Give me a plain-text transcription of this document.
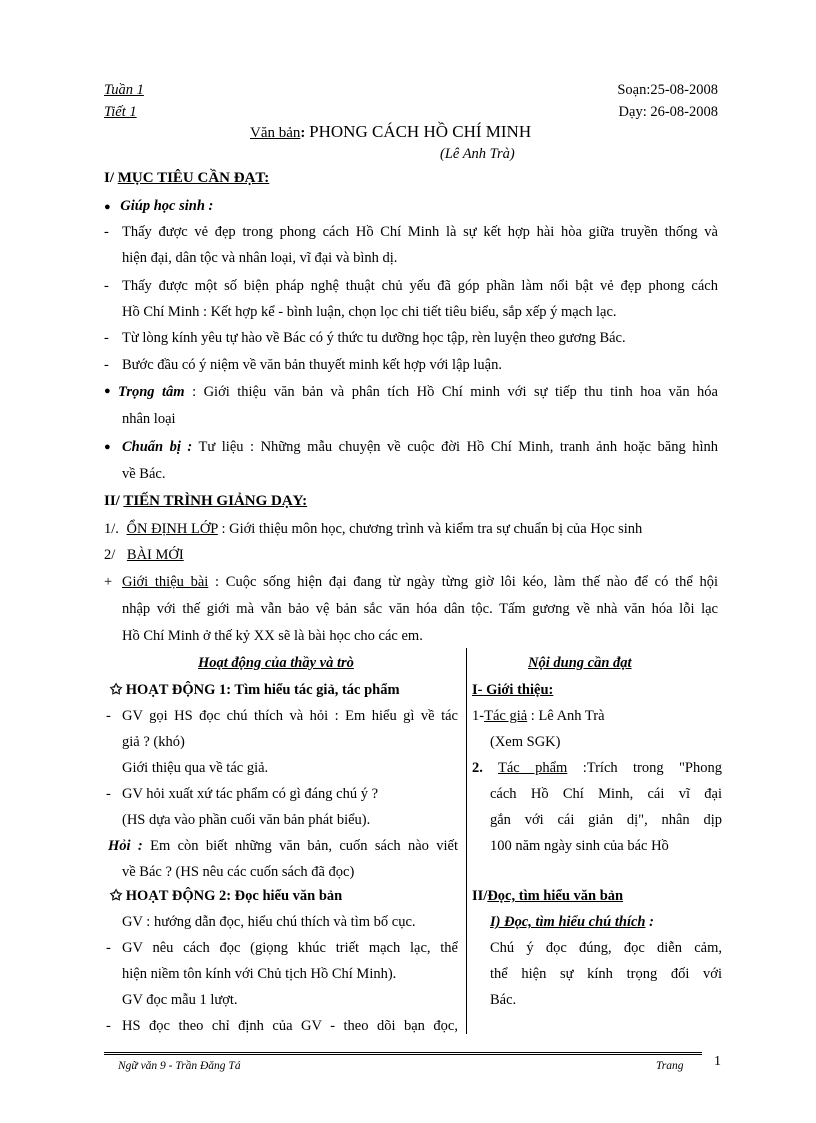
Tuần 1
Tiết 1
Soạn:25-08-2008
Dạy: 26-08-2008
Văn bản: PHONG CÁCH HỒ CHÍ MINH
(Lê Anh Trà)
I/ MỤC TIÊU CẦN ĐẠT:
● Giúp học sinh :
- Thấy được vẻ đẹp trong phong cách Hồ Chí Minh là sự kết hợp hài hòa giữa truyền thống và
hiện đại, dân tộc và nhân loại, vĩ đại và bình dị.
- Thấy được một số biện pháp nghệ thuật chủ yếu đã góp phần làm nổi bật vẻ đẹp phong cách
Hồ Chí Minh : Kết hợp kể - bình luận, chọn lọc chi tiết tiêu biểu, sắp xếp ý mạch lạc.
- Từ lòng kính yêu tự hào về Bác có ý thức tu dưỡng học tập, rèn luyện theo gương Bác.
- Bước đầu có ý niệm về văn bản thuyết minh kết hợp với lập luận.
● Trọng tâm : Giới thiệu văn bản và phân tích Hồ Chí minh với sự tiếp thu tinh hoa văn hóa
nhân loại
● Chuẩn bị : Tư liệu : Những mẫu chuyện về cuộc đời Hồ Chí Minh, tranh ảnh hoặc băng hình
về Bác.
II/ TIẾN TRÌNH GIẢNG DẠY:
1/. ỔN ĐỊNH LỚP : Giới thiệu môn học, chương trình và kiểm tra sự chuẩn bị của Học sinh
2/ BÀI MỚI
+ Giới thiệu bài : Cuộc sống hiện đại đang từ ngày từng giờ lôi kéo, làm thế nào để có thể hội
nhập với thế giới mà vẫn bảo vệ bản sắc văn hóa dân tộc. Tấm gương về nhà văn hóa lỗi lạc
Hồ Chí Minh ở thế kỷ XX sẽ là bài học cho các em.
Hoạt động của thầy và trò	Nội dung cần đạt
✩ HOẠT ĐỘNG 1: Tìm hiểu tác giả, tác phẩm
- GV gọi HS đọc chú thích và hỏi : Em hiểu gì về tác
giả ? (khó)
Giới thiệu qua về tác giả.
- GV hỏi xuất xứ tác phẩm có gì đáng chú ý ?
(HS dựa vào phần cuối văn bản phát biểu).
Hỏi : Em còn biết những văn bản, cuốn sách nào viết
về Bác ? (HS nêu các cuốn sách đã đọc)
✩ HOẠT ĐỘNG 2: Đọc hiểu văn bản
GV : hướng dẫn đọc, hiểu chú thích và tìm bố cục.
- GV nêu cách đọc (giọng khúc triết mạch lạc, thể
hiện niềm tôn kính với Chủ tịch Hồ Chí Minh).
GV đọc mẫu 1 lượt.
- HS đọc theo chỉ định của GV - theo dõi bạn đọc,
I- Giới thiệu:
1-Tác giả : Lê Anh Trà
(Xem SGK)
2. Tác phẩm :Trích trong "Phong
cách Hồ Chí Minh, cái vĩ đại
gắn với cái giản dị", nhân dịp
100 năm ngày sinh của bác Hồ
II/Đọc, tìm hiểu văn bản
I) Đọc, tìm hiểu chú thích :
Chú ý đọc đúng, đọc diễn cảm,
thể hiện sự kính trọng đối với
Bác.
Ngữ văn 9 - Trần Đăng Tá	Trang 1
